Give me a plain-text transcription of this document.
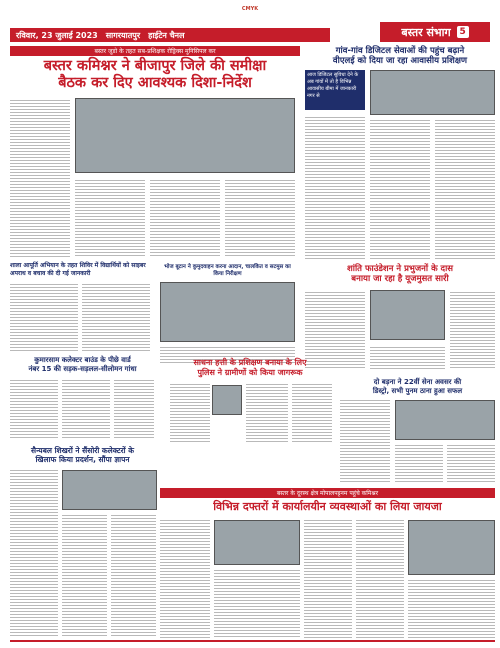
CMYK
रविवार, 23 जुलाई 2023 सागरयातपुर हाईटेन चैनल	बस्तर संभाग 5
बस्तर जूडो के तहत सब-प्रशिक्षक रोड्रिक्स मुनिसिपल कर
बस्तर कमिश्नर ने बीजापुर जिले की समीक्षा
बैठक कर दिए आवश्यक दिशा-निर्देश
गांव-गांव डिजिटल सेवाओं की पहुंच बढ़ाने
वीएलई को दिया जा रहा आवासीय प्रशिक्षण
आज डिजिटल सुविधा देने के अब गांवों में तो है विभिन्न आवासीय बीमा में जानकारी नगर से
शाला आपूर्ति अभियान के तहत शिविर में विद्यार्थियों को साइबर अपराध व बचाव की दी गई जानकारी
भोज बूटान ने कुमुदवाहन करना आदान, चालकित व सटमुस का किया निरीक्षण	शांति फाउंडेशन ने प्रभुजनों के दास
बनाया जा रहा है यूजमुसत सारी
कुमारसाम कलेक्टर बाउंड के पीछे वार्ड
नंबर 15 की सड़क-सड़लल-सीलोमन गांधा
साधना हत्ती के प्रशिक्षण बनाया के लिए
पुलिस ने ग्रामीणों को किया जागरूक
दो बड़ना ने 22वीं सेना अवसर की
डिस्ट्रो, सभी पुनम ठाना हुआ सफल
सैन्यबल शिखरों ने सैंसोरी कलेक्टरों के
खिलाफ किया प्रदर्शन, सौंपा ज्ञापन
बस्तर के दूरस्थ क्षेत्र मोपालपट्टनम पहुंचे कमिश्नर
विभिन्न दफ्तरों में कार्यालयीन व्यवस्थाओं का लिया जायजा
